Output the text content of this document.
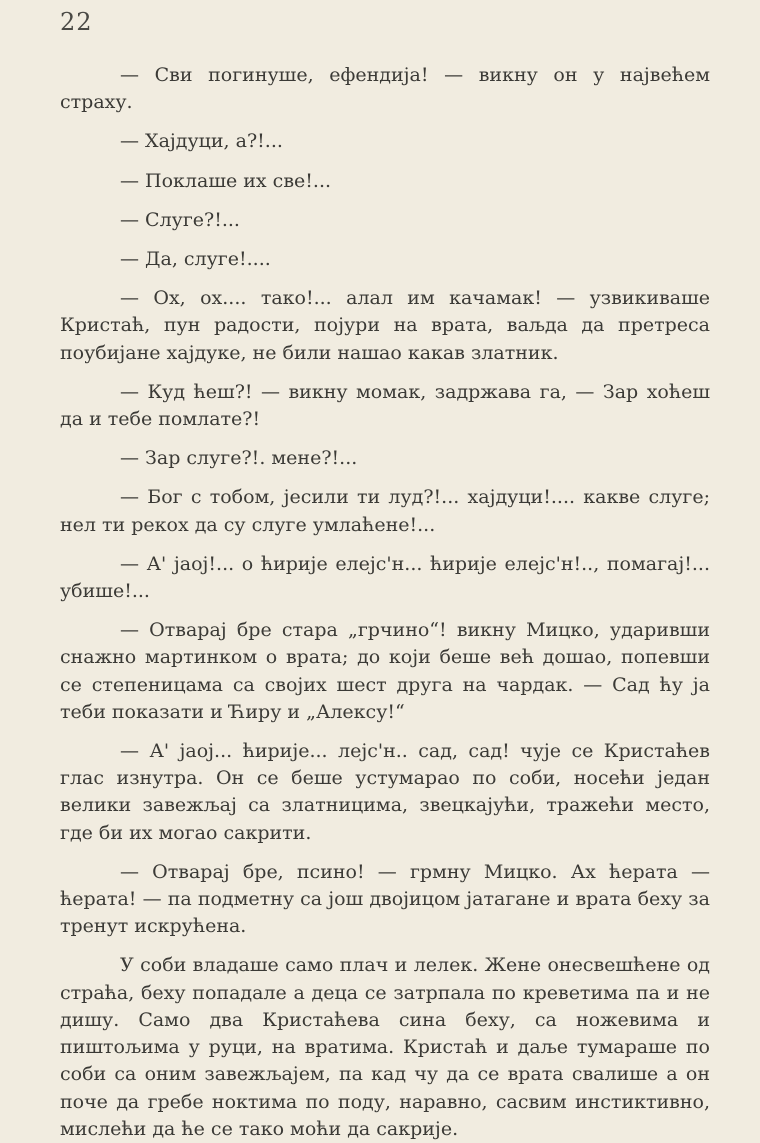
22

— Сви погинуше, ефендија! — викну он у највећем страху.

— Хајдуци, а?!...

— Поклаше их све!...

— Слуге?!...

— Да, слуге!....

— Ох, ох.... тако!... алал им качамак! — узвикиваше Кристаћ, пун радости, појури на врата, ваљда да претреса поубијане хајдуке, не били нашао какав златник.

— Куд ћеш?! — викну момак, задржава га, — Зар хоћеш да и тебе помлате?!

— Зар слуге?!. мене?!...

— Бог с тобом, јесили ти луд?!... хајдуци!.... какве слуге; нел ти рекох да су слуге умлаћене!...

— А' јаој!... о ћирије елејс'н... ћирије елејс'н!.., помагај!... убише!...

— Отварај бре стара „грчино“! викну Мицко, ударивши снажно мартинком о врата; до који беше већ дошао, попевши се степеницама са својих шест друга на чардак. — Сад ћу ја теби показати и Ћиру и „Алексу!“

— А' јаој... ћирије... лејс'н.. сад, сад! чује се Кристаћев глас изнутра. Он се беше устумарао по соби, носећи један велики завежљај са златницима, звецкајући, тражећи место, где би их могао сакрити.

— Отварај бре, псино! — грмну Мицко. Ах ћерата — ћерата! — па подметну са још двојицом јатагане и врата беху за тренут искрућена.

У соби владаше само плач и лелек. Жене онесвешћене од страћа, беху попадале а деца се затрпала по креветима па и не дишу. Само два Кристаћева сина беху, са ножевима и пиштољима у руци, на вратима. Кристаћ и даље тумараше по соби са оним завежљајем, па кад чу да се врата свалише а он поче да гребе ноктима по поду, наравно, сасвим инстиктивно, мислећи да ће се тако моћи да сакрије.
